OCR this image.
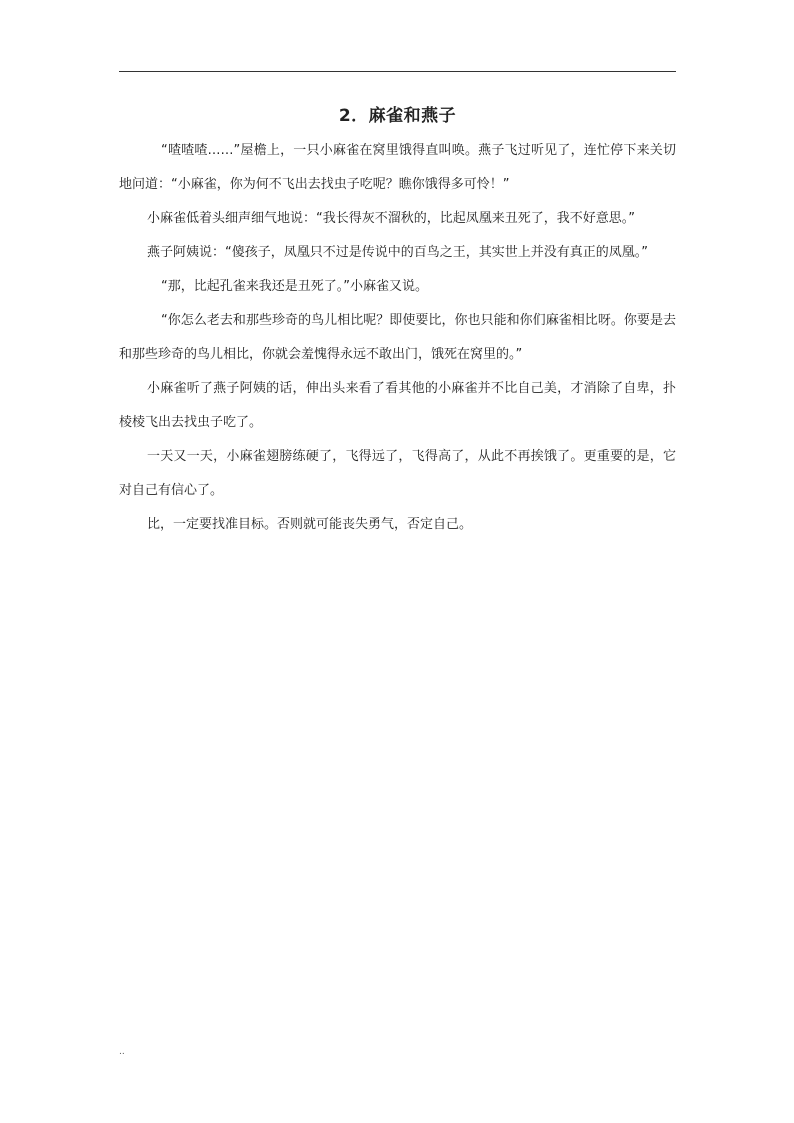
2．麻雀和燕子

“喳喳喳……”屋檐上，一只小麻雀在窝里饿得直叫唤。燕子飞过听见了，连忙停下来关切地问道：“小麻雀，你为何不飞出去找虫子吃呢？瞧你饿得多可怜！”

小麻雀低着头细声细气地说：“我长得灰不溜秋的，比起凤凰来丑死了，我不好意思。”

燕子阿姨说：“傻孩子，凤凰只不过是传说中的百鸟之王，其实世上并没有真正的凤凰。”

“那，比起孔雀来我还是丑死了。”小麻雀又说。

“你怎么老去和那些珍奇的鸟儿相比呢？即使要比，你也只能和你们麻雀相比呀。你要是去和那些珍奇的鸟儿相比，你就会羞愧得永远不敢出门，饿死在窝里的。”

小麻雀听了燕子阿姨的话，伸出头来看了看其他的小麻雀并不比自己美，才消除了自卑，扑棱棱飞出去找虫子吃了。

一天又一天，小麻雀翅膀练硬了，飞得远了，飞得高了，从此不再挨饿了。更重要的是，它对自己有信心了。

比，一定要找准目标。否则就可能丧失勇气，否定自己。

..
